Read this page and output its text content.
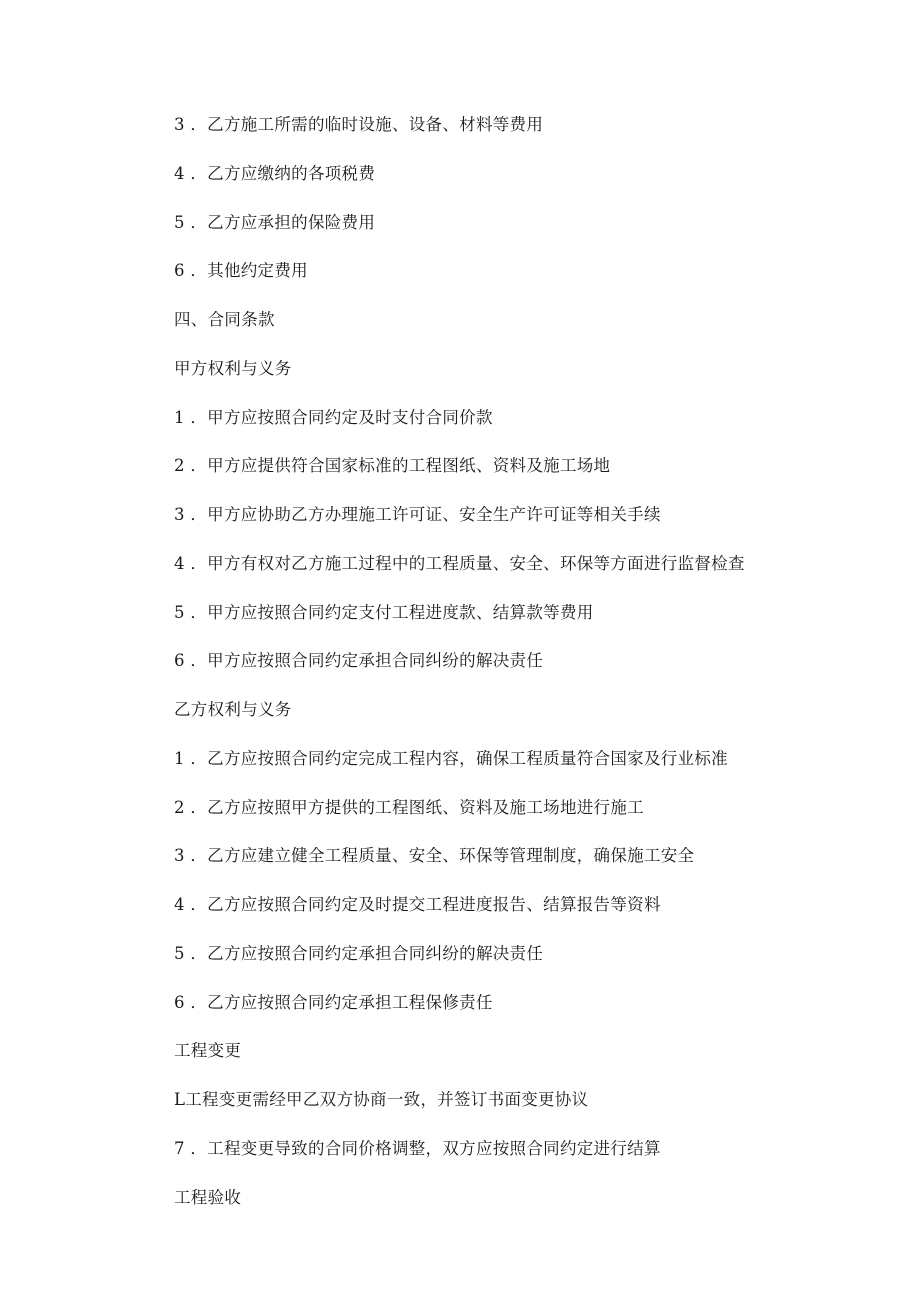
3 ．乙方施工所需的临时设施、设备、材料等费用
4 ．乙方应缴纳的各项税费
5 ．乙方应承担的保险费用
6 ．其他约定费用
四、合同条款
甲方权利与义务
1 ．甲方应按照合同约定及时支付合同价款
2 ．甲方应提供符合国家标准的工程图纸、资料及施工场地
3 ．甲方应协助乙方办理施工许可证、安全生产许可证等相关手续
4 ．甲方有权对乙方施工过程中的工程质量、安全、环保等方面进行监督检查
5 ．甲方应按照合同约定支付工程进度款、结算款等费用
6 ．甲方应按照合同约定承担合同纠纷的解决责任
乙方权利与义务
1 ．乙方应按照合同约定完成工程内容，确保工程质量符合国家及行业标准
2 ．乙方应按照甲方提供的工程图纸、资料及施工场地进行施工
3 ．乙方应建立健全工程质量、安全、环保等管理制度，确保施工安全
4 ．乙方应按照合同约定及时提交工程进度报告、结算报告等资料
5 ．乙方应按照合同约定承担合同纠纷的解决责任
6 ．乙方应按照合同约定承担工程保修责任
工程变更
L工程变更需经甲乙双方协商一致，并签订书面变更协议
7 ．工程变更导致的合同价格调整，双方应按照合同约定进行结算
工程验收
